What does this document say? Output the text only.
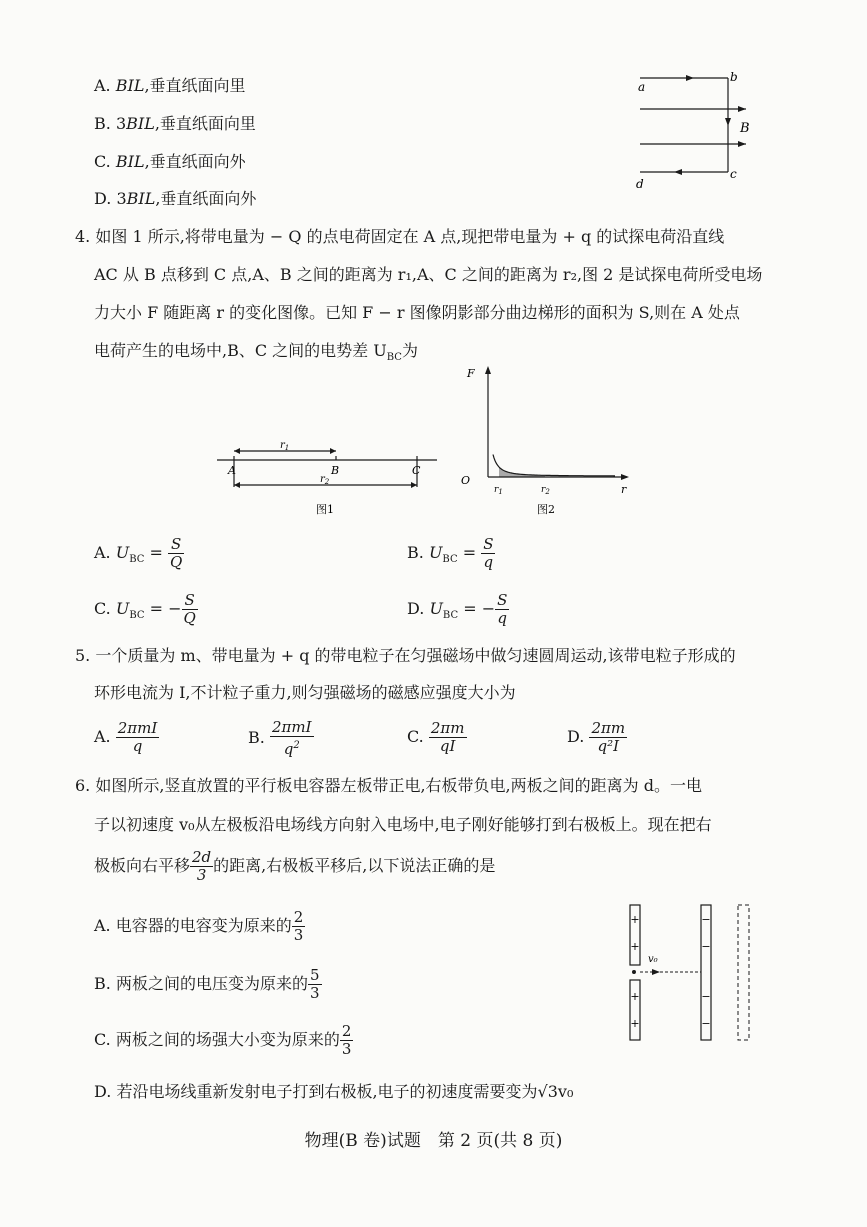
A. BIL,垂直纸面向里
B. 3BIL,垂直纸面向里
C. BIL,垂直纸面向外
D. 3BIL,垂直纸面向外
a
b
c
d
B
4. 如图 1 所示,将带电量为 − Q 的点电荷固定在 A 点,现把带电量为 + q 的试探电荷沿直线
AC 从 B 点移到 C 点,A、B 之间的距离为 r₁,A、C 之间的距离为 r₂,图 2 是试探电荷所受电场
力大小 F 随距离 r 的变化图像。已知 F − r 图像阴影部分曲边梯形的面积为 S,则在 A 处点
电荷产生的电场中,B、C 之间的电势差 $U_{BC}$为
A	B	C
$r_1$
$r_2$
图1
F
O
r
$r_1$	$r_2$
图2
A. $U_{BC} = \frac{S}{Q}$	B. $U_{BC} = \frac{S}{q}$
C. $U_{BC}$ = − $\frac{S}{Q}$	D. $U_{BC}$ = − $\frac{S}{q}$
5. 一个质量为 m、带电量为 + q 的带电粒子在匀强磁场中做匀速圆周运动,该带电粒子形成的
环形电流为 I,不计粒子重力,则匀强磁场的磁感应强度大小为
A. $\frac{\text{2πmI}}{q}$	B. $\frac{\text{2πmI}}{q^2}$	C. $\frac{2\pi m}{qI}$	D. $\frac{2\pi m}{\text{q²I}}$
6. 如图所示,竖直放置的平行板电容器左板带正电,右板带负电,两板之间的距离为 d。一电
子以初速度 v₀从左极板沿电场线方向射入电场中,电子刚好能够打到右极板上。现在把右
极板向右平移 $\frac{2d}{3}$ 的距离,右极板平移后,以下说法正确的是
A. 电容器的电容变为原来的 $\frac{2}{3}$
B. 两板之间的电压变为原来的 $\frac{5}{3}$
C. 两板之间的场强大小变为原来的 $\frac{2}{3}$
D. 若沿电场线重新发射电子打到右极板,电子的初速度需要变为√3v₀
v₀
+
+
+
+
−
−
−
−
物理(B 卷)试题　第 2 页(共 8 页)
